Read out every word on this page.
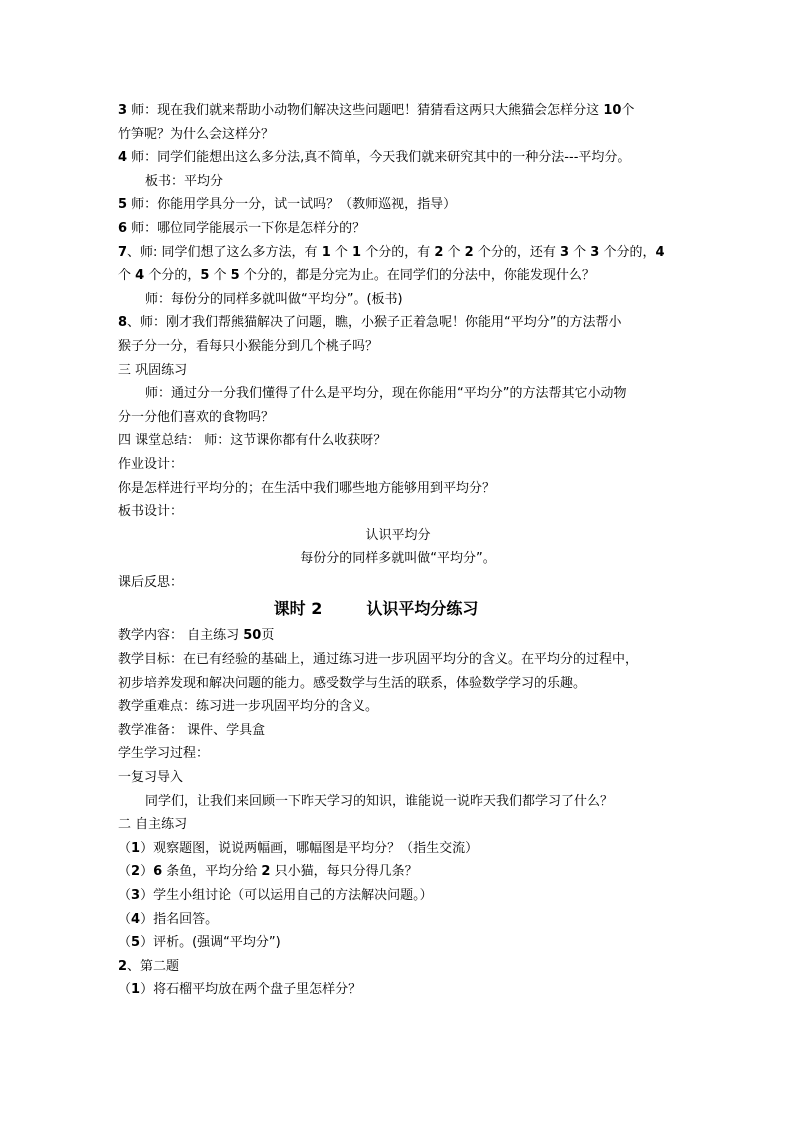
3 师：现在我们就来帮助小动物们解决这些问题吧！猜猜看这两只大熊猫会怎样分这 10个
竹笋呢？为什么会这样分？
4 师：同学们能想出这么多分法,真不简单，今天我们就来研究其中的一种分法---平均分。
板书：平均分
5 师：你能用学具分一分，试一试吗？（教师巡视，指导）
6 师：哪位同学能展示一下你是怎样分的？
7、师: 同学们想了这么多方法，有 1 个 1 个分的，有 2 个 2 个分的，还有 3 个 3 个分的，4
个 4 个分的，5 个 5 个分的，都是分完为止。在同学们的分法中，你能发现什么？
师：每份分的同样多就叫做“平均分”。(板书)
8、师：刚才我们帮熊猫解决了问题，瞧，小猴子正着急呢！你能用“平均分”的方法帮小
猴子分一分，看每只小猴能分到几个桃子吗？
三 巩固练习
师：通过分一分我们懂得了什么是平均分，现在你能用“平均分”的方法帮其它小动物
分一分他们喜欢的食物吗？
四 课堂总结： 师：这节课你都有什么收获呀？
作业设计：
你是怎样进行平均分的；在生活中我们哪些地方能够用到平均分？
板书设计：
认识平均分
每份分的同样多就叫做“平均分”。
课后反思：
课时 2	认识平均分练习
教学内容： 自主练习 50页
教学目标：在已有经验的基础上，通过练习进一步巩固平均分的含义。在平均分的过程中，
初步培养发现和解决问题的能力。感受数学与生活的联系，体验数学学习的乐趣。
教学重难点：练习进一步巩固平均分的含义。
教学准备： 课件、学具盒
学生学习过程：
一复习导入
同学们，让我们来回顾一下昨天学习的知识，谁能说一说昨天我们都学习了什么？
二 自主练习
（1）观察题图，说说两幅画，哪幅图是平均分？（指生交流）
（2）6 条鱼，平均分给 2 只小猫，每只分得几条？
（3）学生小组讨论（可以运用自己的方法解决问题。）
（4）指名回答。
（5）评析。(强调“平均分”)
2、第二题
（1）将石榴平均放在两个盘子里怎样分？
